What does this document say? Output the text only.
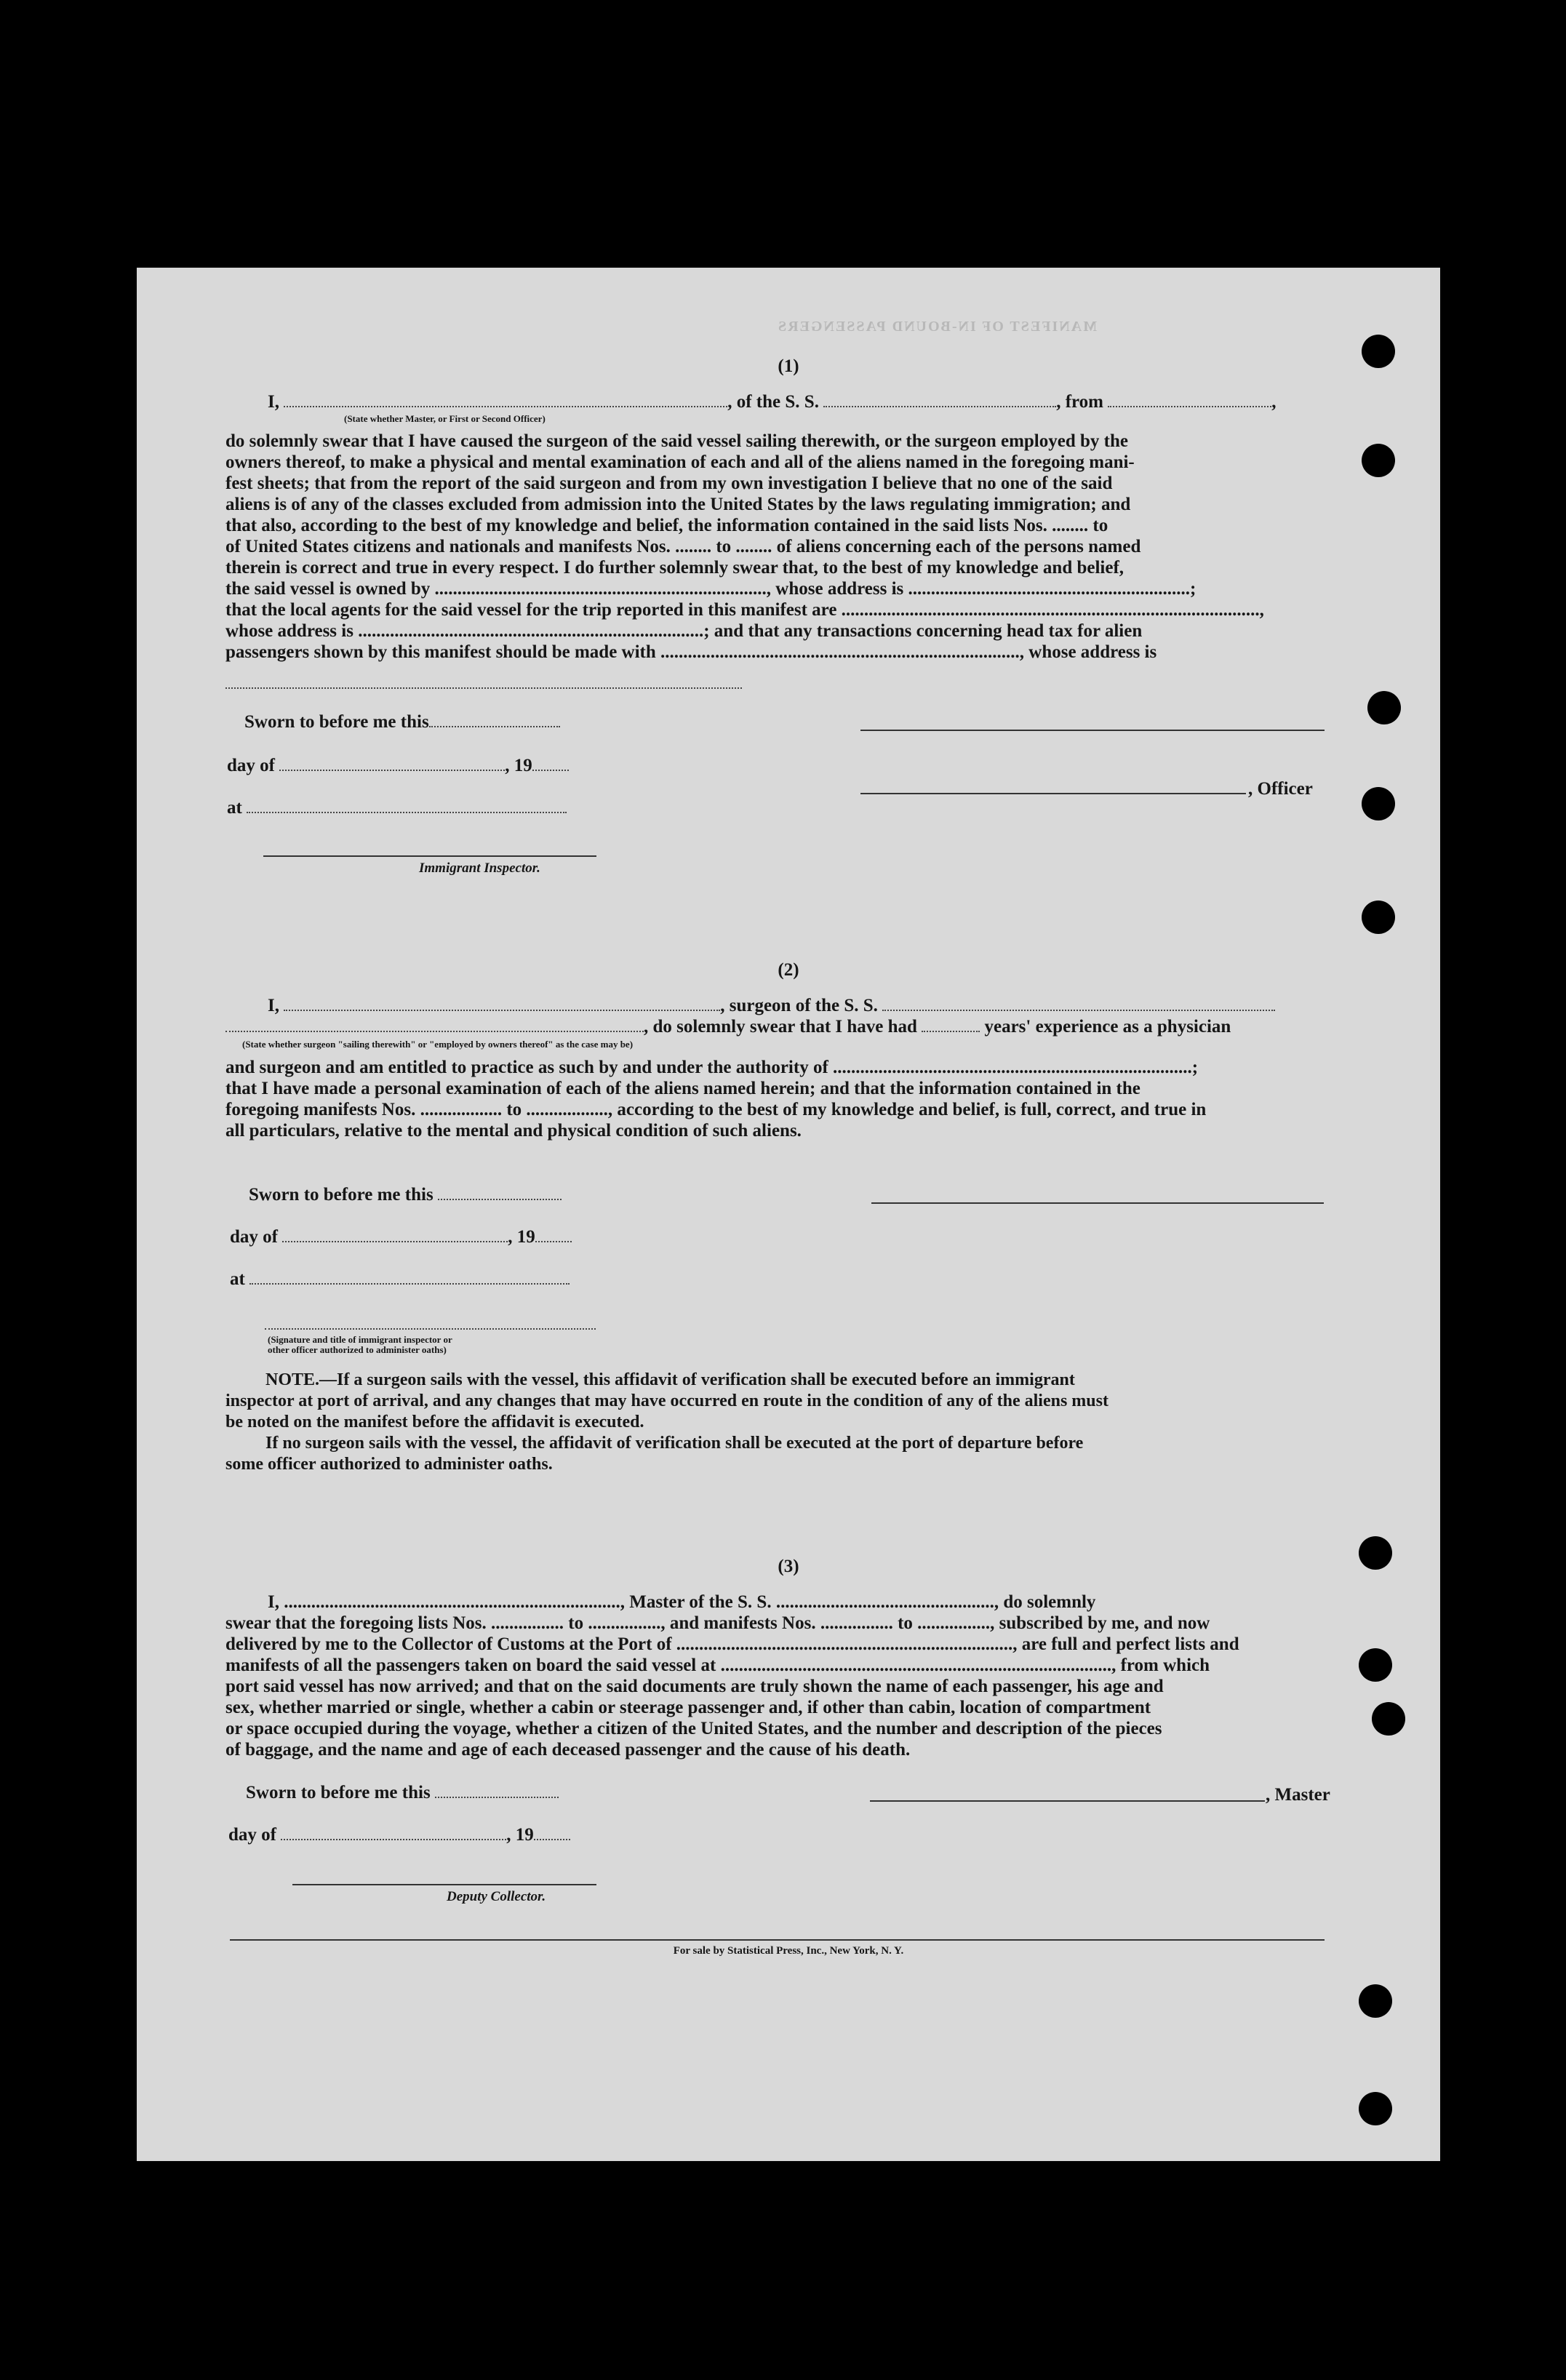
MANIFEST OF IN-BOUND PASSENGERS
(1)
I,	, of the S. S.	, from	,
(State whether Master, or First or Second Officer)
do solemnly swear that I have caused the surgeon of the said vessel sailing therewith, or the surgeon employed by the
owners thereof, to make a physical and mental examination of each and all of the aliens named in the foregoing mani-
fest sheets; that from the report of the said surgeon and from my own investigation I believe that no one of the said
aliens is of any of the classes excluded from admission into the United States by the laws regulating immigration; and
that also, according to the best of my knowledge and belief, the information contained in the said lists Nos. ........ to
of United States citizens and nationals and manifests Nos. ........ to ........ of aliens concerning each of the persons named
therein is correct and true in every respect. I do further solemnly swear that, to the best of my knowledge and belief,
the said vessel is owned by ........................................................................., whose address is ..............................................................;
that the local agents for the said vessel for the trip reported in this manifest are ............................................................................................,
whose address is ............................................................................; and that any transactions concerning head tax for alien
passengers shown by this manifest should be made with ..............................................................................., whose address is
Sworn to before me this
day of	, 19
, Officer
at
Immigrant Inspector.
(2)
I,	, surgeon of the S. S.
, do solemnly swear that I have had	years' experience as a physician
(State whether surgeon "sailing therewith" or "employed by owners thereof" as the case may be)
and surgeon and am entitled to practice as such by and under the authority of ...............................................................................;
that I have made a personal examination of each of the aliens named herein; and that the information contained in the
foregoing manifests Nos. .................. to .................., according to the best of my knowledge and belief, is full, correct, and true in
all particulars, relative to the mental and physical condition of such aliens.
Sworn to before me this
day of	, 19
at
(Signature and title of immigrant inspector or
other officer authorized to administer oaths)
NOTE.—If a surgeon sails with the vessel, this affidavit of verification shall be executed before an immigrant
inspector at port of arrival, and any changes that may have occurred en route in the condition of any of the aliens must
be noted on the manifest before the affidavit is executed.
If no surgeon sails with the vessel, the affidavit of verification shall be executed at the port of departure before
some officer authorized to administer oaths.
(3)
I, .........................................................................., Master of the S. S. ................................................, do solemnly
swear that the foregoing lists Nos. ................ to ................, and manifests Nos. ................ to ................, subscribed by me, and now
delivered by me to the Collector of Customs at the Port of .........................................................................., are full and perfect lists and
manifests of all the passengers taken on board the said vessel at ......................................................................................, from which
port said vessel has now arrived; and that on the said documents are truly shown the name of each passenger, his age and
sex, whether married or single, whether a cabin or steerage passenger and, if other than cabin, location of compartment
or space occupied during the voyage, whether a citizen of the United States, and the number and description of the pieces
of baggage, and the name and age of each deceased passenger and the cause of his death.
Sworn to before me this	, Master
day of	, 19
Deputy Collector.
For sale by Statistical Press, Inc., New York, N. Y.
